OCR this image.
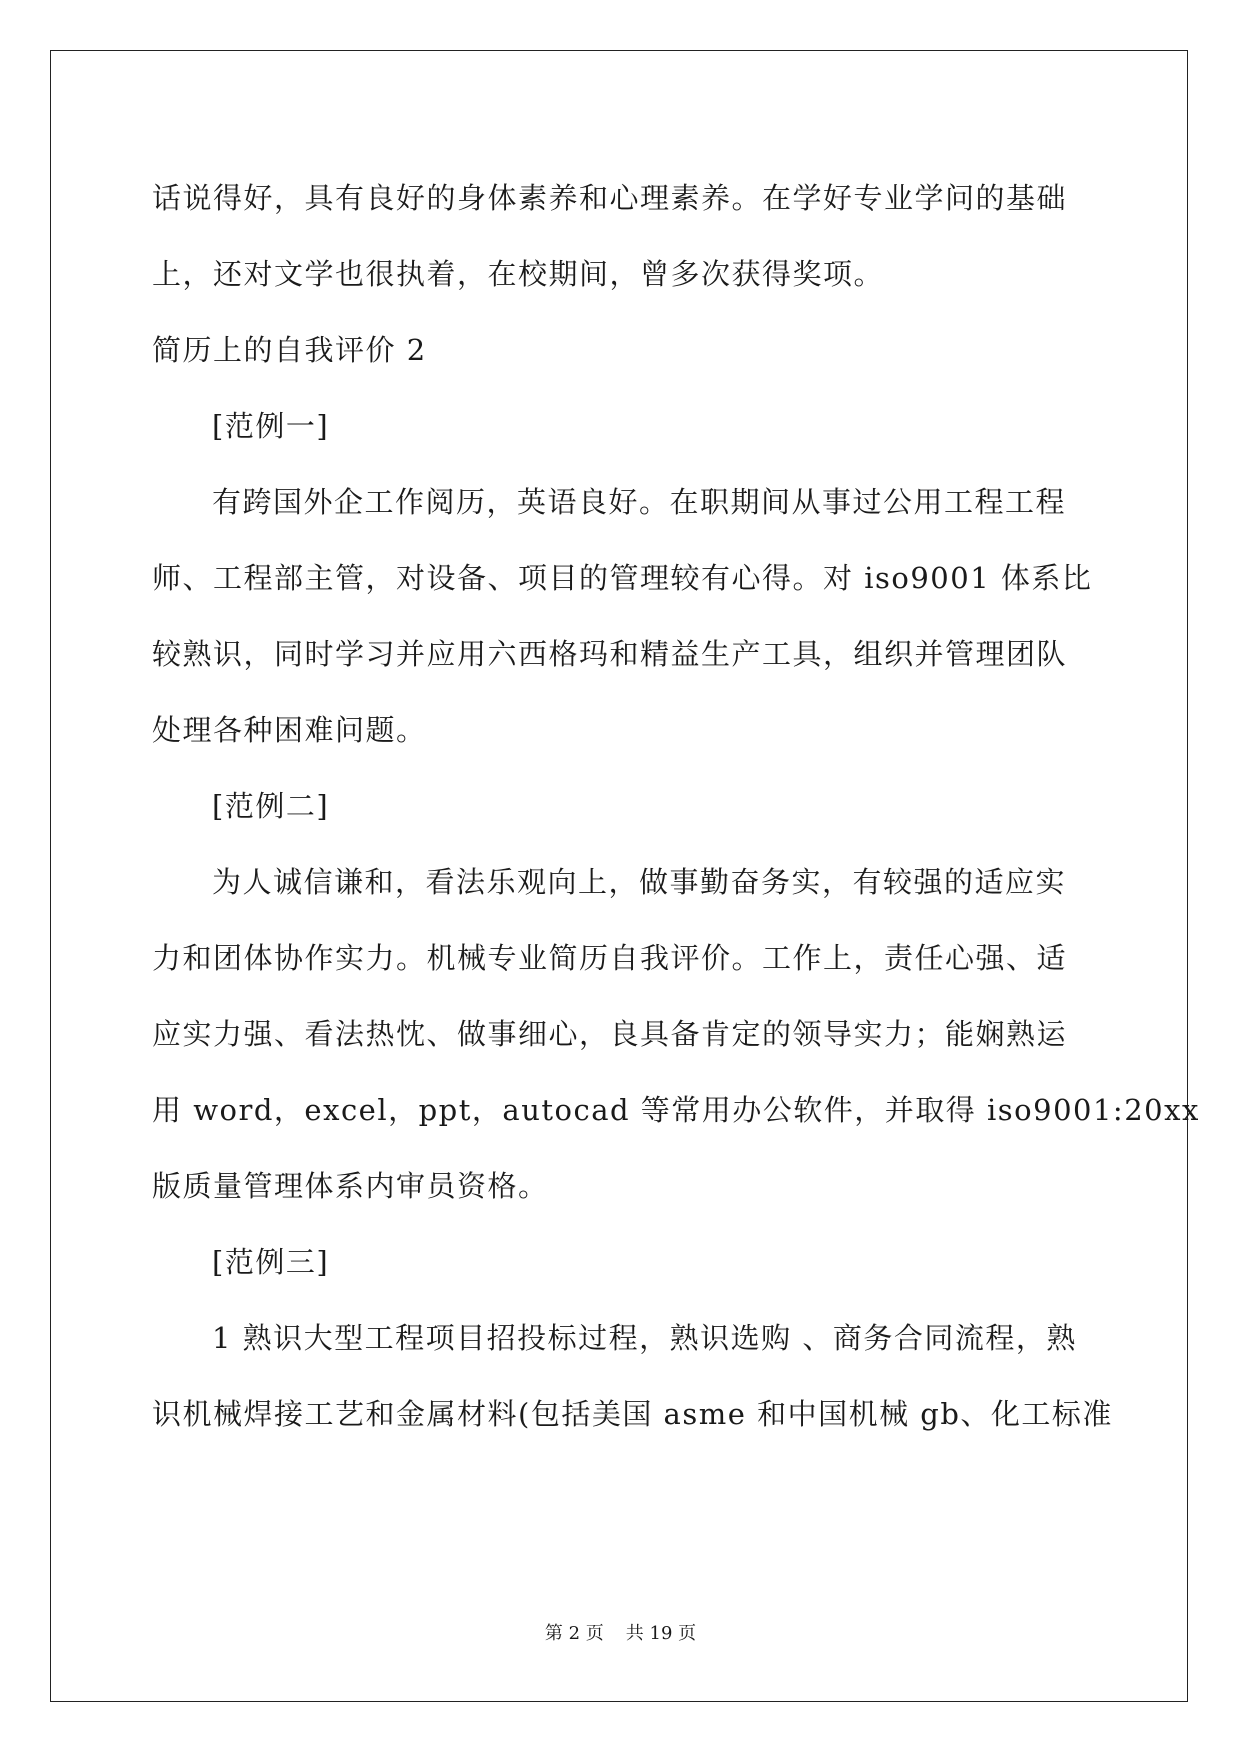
话说得好，具有良好的身体素养和心理素养。在学好专业学问的基础
上，还对文学也很执着，在校期间，曾多次获得奖项。
简历上的自我评价 2
[范例一]
有跨国外企工作阅历，英语良好。在职期间从事过公用工程工程
师、工程部主管，对设备、项目的管理较有心得。对 iso9001 体系比
较熟识，同时学习并应用六西格玛和精益生产工具，组织并管理团队
处理各种困难问题。
[范例二]
为人诚信谦和，看法乐观向上，做事勤奋务实，有较强的适应实
力和团体协作实力。机械专业简历自我评价。工作上，责任心强、适
应实力强、看法热忱、做事细心，良具备肯定的领导实力；能娴熟运
用 word，excel，ppt，autocad 等常用办公软件，并取得 iso9001:20xx
版质量管理体系内审员资格。
[范例三]
1 熟识大型工程项目招投标过程，熟识选购 、商务合同流程，熟
识机械焊接工艺和金属材料(包括美国 asme 和中国机械 gb、化工标准
第 2 页 共 19 页
